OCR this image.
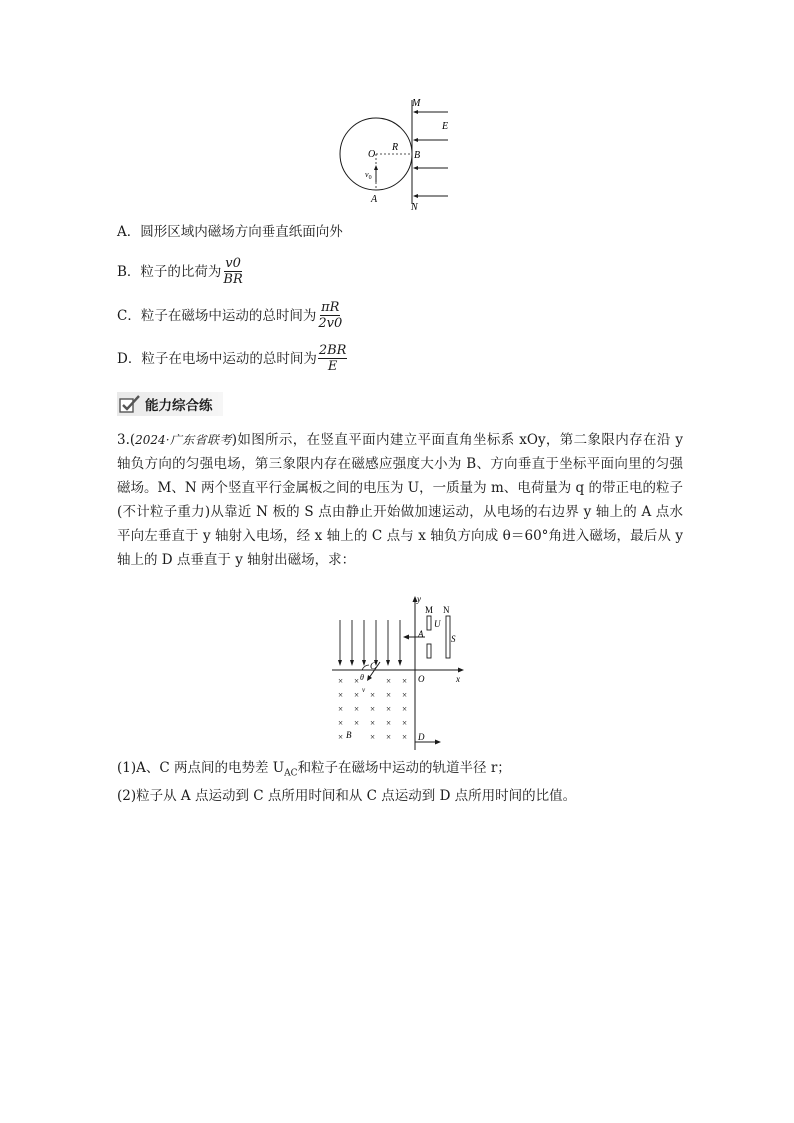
M
E
O
R
B
$v_0$
A
N
A． 圆形区域内磁场方向垂直纸面向外
B． 粒子的比荷为 $\frac{v0}{BR}$
C． 粒子在磁场中运动的总时间为 $\frac{\pi R}{2v0}$
D． 粒子在电场中运动的总时间为 $\frac{2BR}{E}$
能力综合练

3.(2024·广东省联考)如图所示，在竖直平面内建立平面直角坐标系 xOy，第二象限内存在沿 y 轴负方向的匀强电场，第三象限内存在磁感应强度大小为 B、方向垂直于坐标平面向里的匀强磁场。M、N 两个竖直平行金属板之间的电压为 U，一质量为 m、电荷量为 q 的带正电的粒子(不计粒子重力)从靠近 N 板的 S 点由静止开始做加速运动，从电场的右边界 y 轴上的 A 点水平向左垂直于 y 轴射入电场，经 x 轴上的 C 点与 x 轴负方向成 θ＝60°角进入磁场，最后从 y 轴上的 D 点垂直于 y 轴射出磁场，求：

× ×	× ×
× × × × ×
× × × × ×
× × × × ×
×	× × ×
y
x
O
A
C
D
B
M N
U
S
θ
v
(1)A、C 两点间的电势差 $U_{AC}$和粒子在磁场中运动的轨道半径 r；
(2)粒子从 A 点运动到 C 点所用时间和从 C 点运动到 D 点所用时间的比值。
